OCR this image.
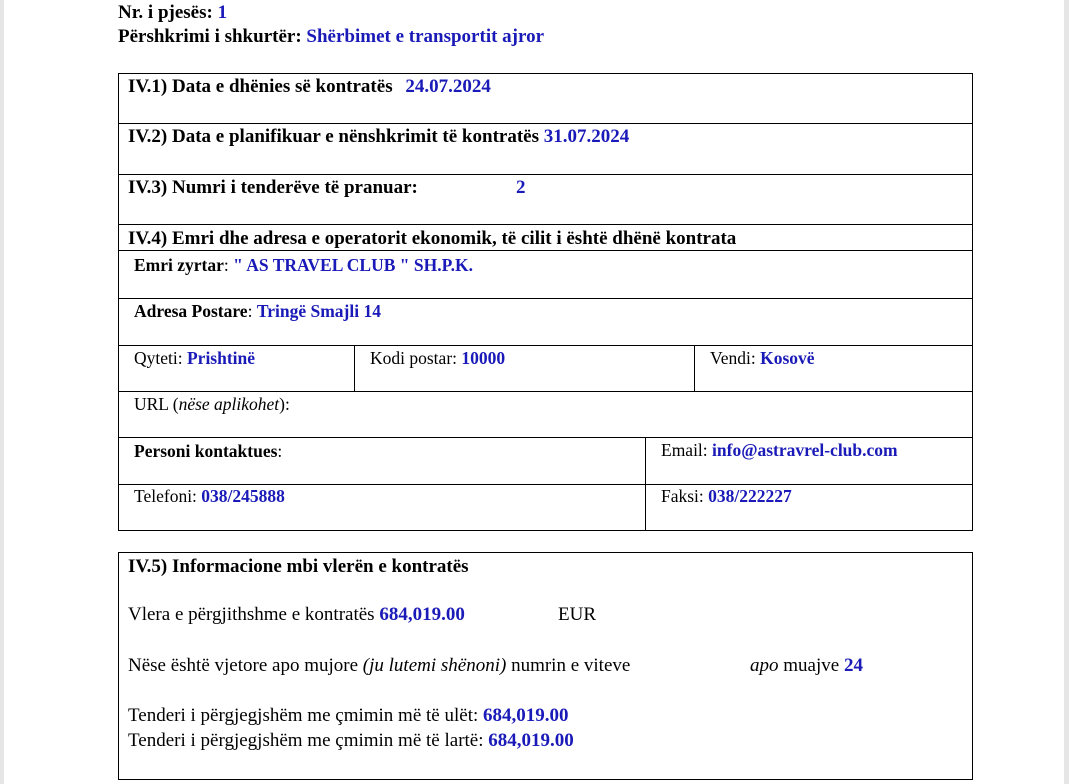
Nr. i pjesës: 1
Përshkrimi i shkurtër: Shërbimet e transportit ajror
IV.1) Data e dhënies së kontratës 24.07.2024
IV.2) Data e planifikuar e nënshkrimit të kontratës 31.07.2024
IV.3) Numri i tenderëve të pranuar:	2
IV.4) Emri dhe adresa e operatorit ekonomik, të cilit i është dhënë kontrata
Emri zyrtar: " AS TRAVEL CLUB " SH.P.K.
Adresa Postare: Tringë Smajli 14
Qyteti: Prishtinë	Kodi postar: 10000	Vendi: Kosovë
URL (nëse aplikohet):
Personi kontaktues:	Email: info@astravrel-club.com
Telefoni: 038/245888	Faksi: 038/222227
IV.5) Informacione mbi vlerën e kontratës
Vlera e përgjithshme e kontratës 684,019.00	EUR
Nëse është vjetore apo mujore (ju lutemi shënoni) numrin e viteve	apo muajve 24
Tenderi i përgjegjshëm me çmimin më të ulët: 684,019.00
Tenderi i përgjegjshëm me çmimin më të lartë: 684,019.00
